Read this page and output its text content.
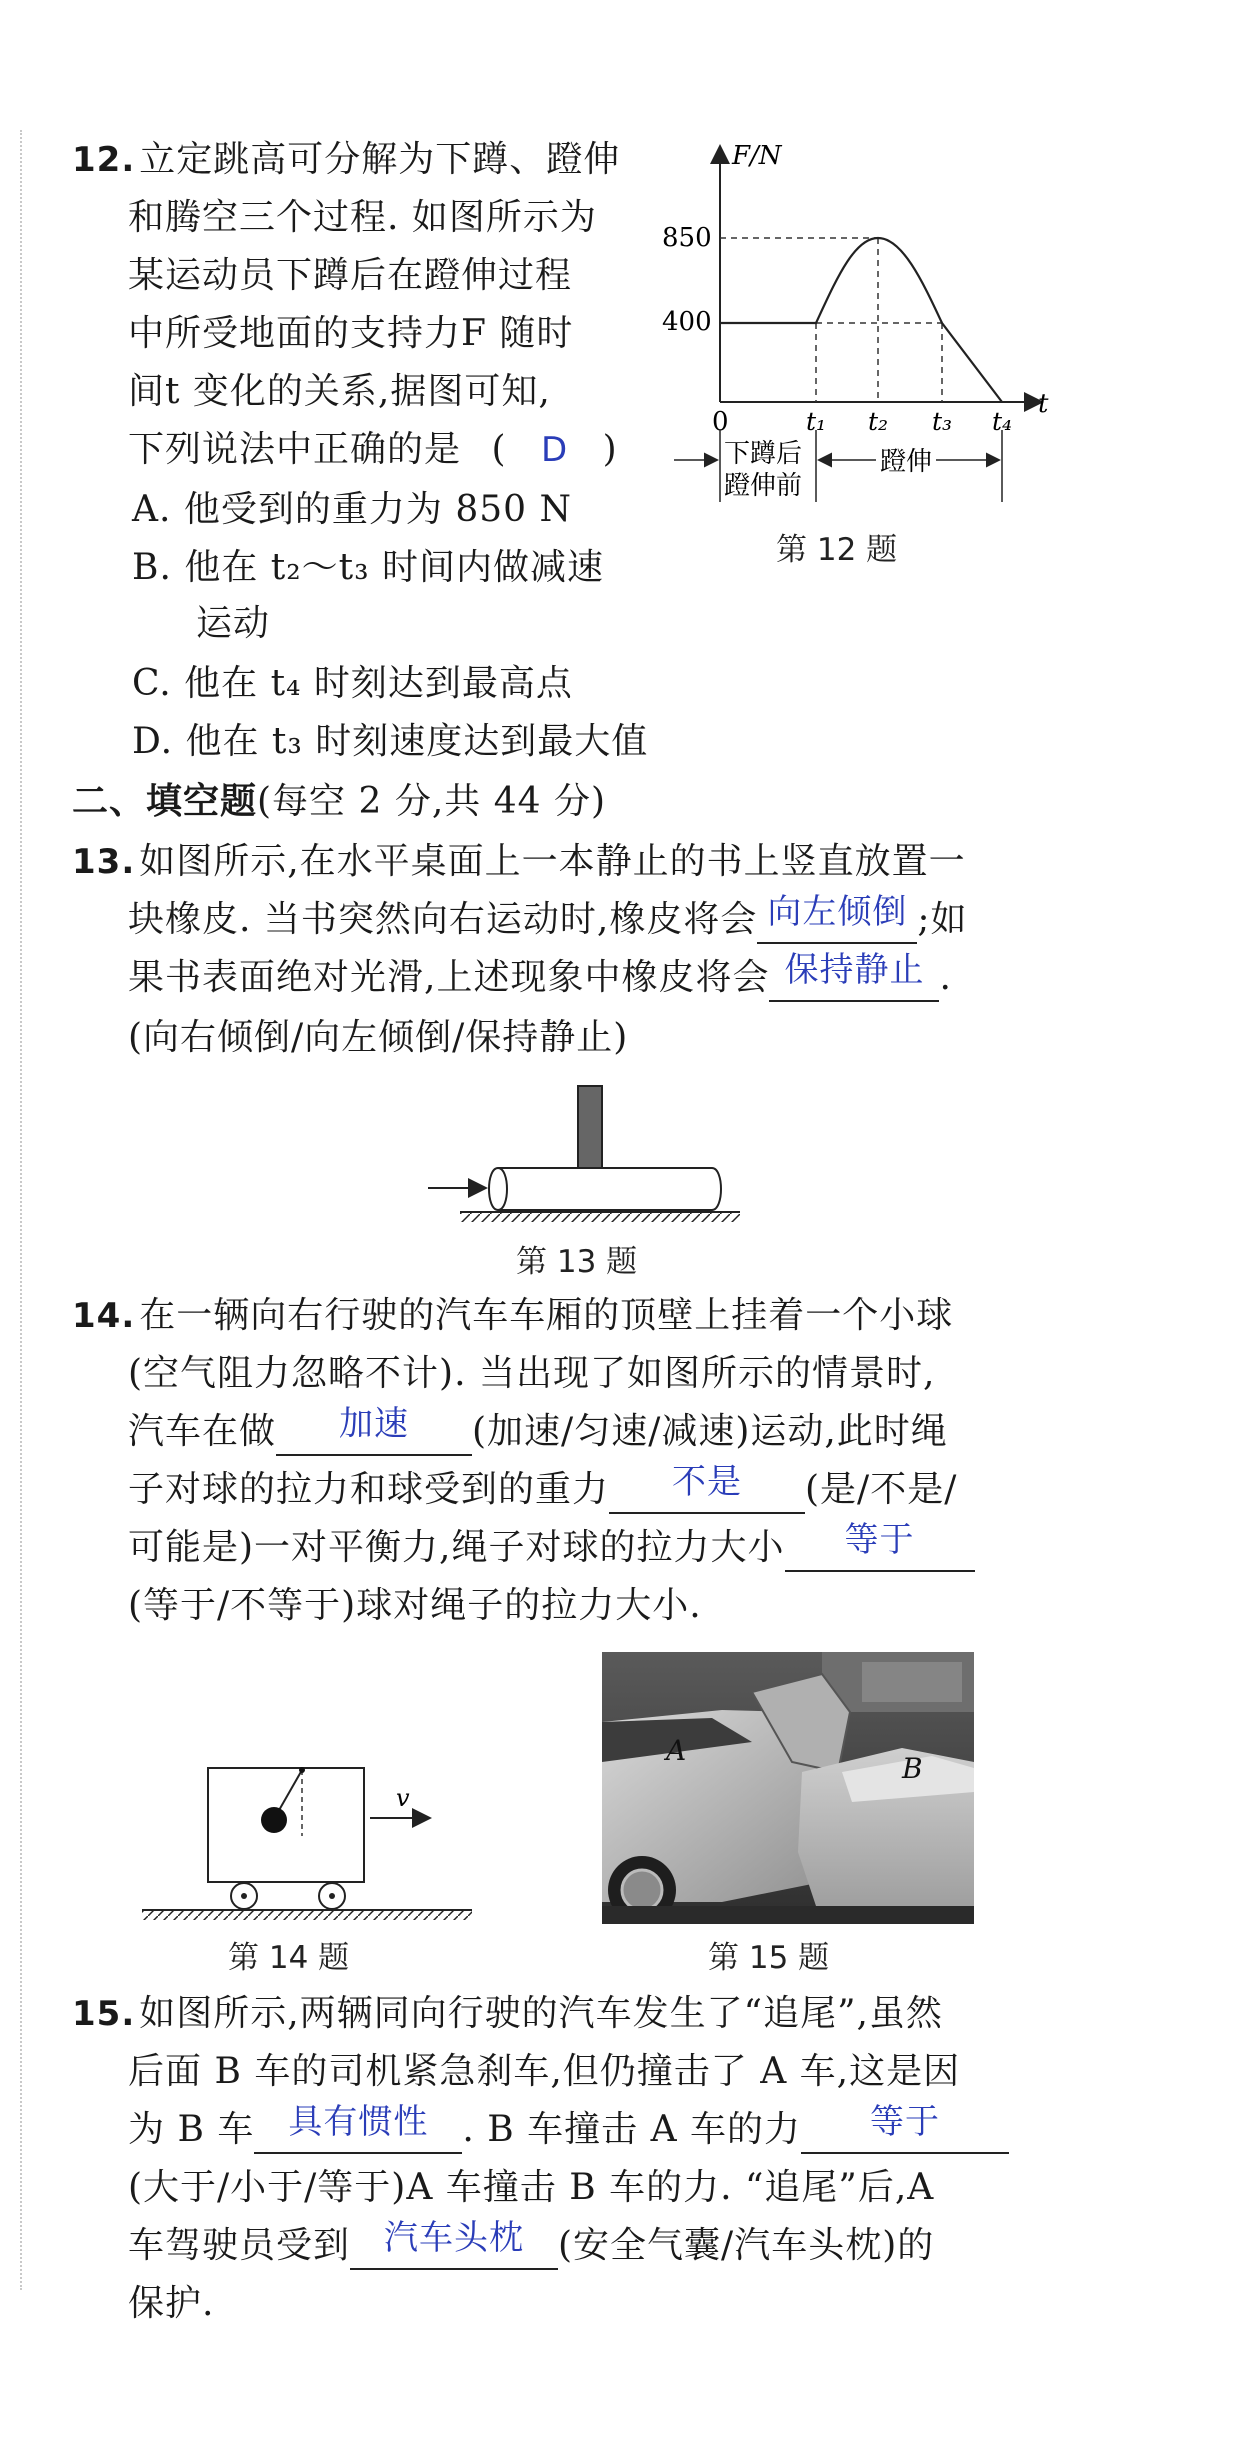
12. 立定跳高可分解为下蹲、蹬伸
和腾空三个过程. 如图所示为
某运动员下蹲后在蹬伸过程
中所受地面的支持力F 随时
间t 变化的关系,据图可知,
下列说法中正确的是 ( D )
A. 他受到的重力为 850 N
B. 他在 t₂～t₃ 时间内做减速
运动
C. 他在 t₄ 时刻达到最高点
D. 他在 t₃ 时刻速度达到最大值
F/N
t
0
850
400
t₁ t₂ t₃ t₄
下蹲后
蹬伸前
蹬伸
第 12 题
二、填空题(每空 2 分,共 44 分)
13. 如图所示,在水平桌面上一本静止的书上竖直放置一
块橡皮. 当书突然向右运动时,橡皮将会 向左倾倒 ;如
果书表面绝对光滑,上述现象中橡皮将会 保持静止 .
(向右倾倒/向左倾倒/保持静止)
第 13 题
14. 在一辆向右行驶的汽车车厢的顶壁上挂着一个小球
(空气阻力忽略不计). 当出现了如图所示的情景时,
汽车在做 加速 (加速/匀速/减速)运动,此时绳
子对球的拉力和球受到的重力 不是 (是/不是/
可能是)一对平衡力,绳子对球的拉力大小 等于
(等于/不等于)球对绳子的拉力大小.
v
第 14 题
A
B
第 15 题
15. 如图所示,两辆同向行驶的汽车发生了“追尾”,虽然
后面 B 车的司机紧急刹车,但仍撞击了 A 车,这是因
为 B 车 具有惯性 . B 车撞击 A 车的力 等于
(大于/小于/等于)A 车撞击 B 车的力. “追尾”后,A
车驾驶员受到 汽车头枕 (安全气囊/汽车头枕)的
保护.
